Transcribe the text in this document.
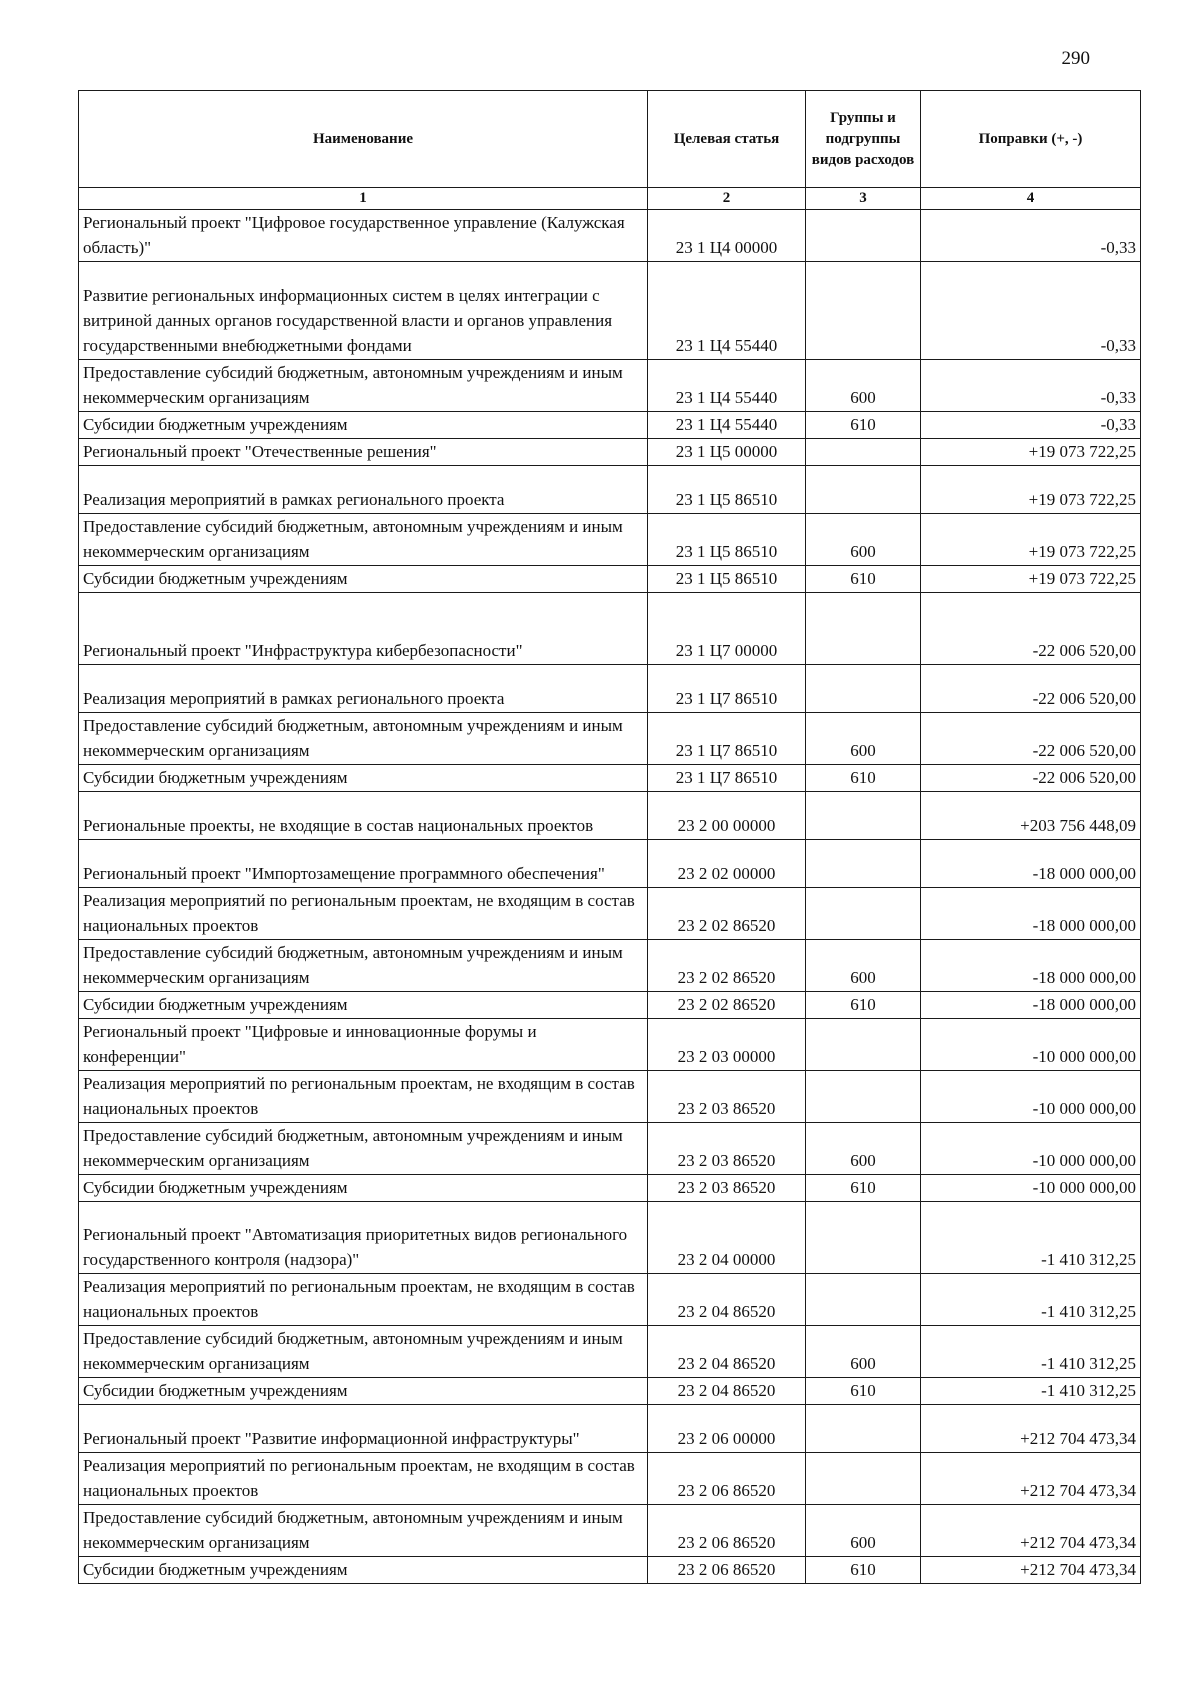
290
Наименование	Целевая статья	Группы и подгруппы видов расходов	Поправки (+, -)
1	2	3	4
Региональный проект "Цифровое государственное управление (Калужская область)"	23 1 Ц4 00000		-0,33
Развитие региональных информационных систем в целях интеграции с витриной данных органов государственной власти и органов управления государственными внебюджетными фондами	23 1 Ц4 55440		-0,33
Предоставление субсидий бюджетным, автономным учреждениям и иным некоммерческим организациям	23 1 Ц4 55440	600	-0,33
Субсидии бюджетным учреждениям	23 1 Ц4 55440	610	-0,33
Региональный проект "Отечественные решения"	23 1 Ц5 00000		+19 073 722,25
Реализация мероприятий в рамках регионального проекта	23 1 Ц5 86510		+19 073 722,25
Предоставление субсидий бюджетным, автономным учреждениям и иным некоммерческим организациям	23 1 Ц5 86510	600	+19 073 722,25
Субсидии бюджетным учреждениям	23 1 Ц5 86510	610	+19 073 722,25
Региональный проект "Инфраструктура кибербезопасности"	23 1 Ц7 00000		-22 006 520,00
Реализация мероприятий в рамках регионального проекта	23 1 Ц7 86510		-22 006 520,00
Предоставление субсидий бюджетным, автономным учреждениям и иным некоммерческим организациям	23 1 Ц7 86510	600	-22 006 520,00
Субсидии бюджетным учреждениям	23 1 Ц7 86510	610	-22 006 520,00
Региональные проекты, не входящие в состав национальных проектов	23 2 00 00000		+203 756 448,09
Региональный проект "Импортозамещение программного обеспечения"	23 2 02 00000		-18 000 000,00
Реализация мероприятий по региональным проектам, не входящим в состав национальных проектов	23 2 02 86520		-18 000 000,00
Предоставление субсидий бюджетным, автономным учреждениям и иным некоммерческим организациям	23 2 02 86520	600	-18 000 000,00
Субсидии бюджетным учреждениям	23 2 02 86520	610	-18 000 000,00
Региональный проект "Цифровые и инновационные форумы и конференции"	23 2 03 00000		-10 000 000,00
Реализация мероприятий по региональным проектам, не входящим в состав национальных проектов	23 2 03 86520		-10 000 000,00
Предоставление субсидий бюджетным, автономным учреждениям и иным некоммерческим организациям	23 2 03 86520	600	-10 000 000,00
Субсидии бюджетным учреждениям	23 2 03 86520	610	-10 000 000,00
Региональный проект "Автоматизация приоритетных видов регионального государственного контроля (надзора)"	23 2 04 00000		-1 410 312,25
Реализация мероприятий по региональным проектам, не входящим в состав национальных проектов	23 2 04 86520		-1 410 312,25
Предоставление субсидий бюджетным, автономным учреждениям и иным некоммерческим организациям	23 2 04 86520	600	-1 410 312,25
Субсидии бюджетным учреждениям	23 2 04 86520	610	-1 410 312,25
Региональный проект "Развитие информационной инфраструктуры"	23 2 06 00000		+212 704 473,34
Реализация мероприятий по региональным проектам, не входящим в состав национальных проектов	23 2 06 86520		+212 704 473,34
Предоставление субсидий бюджетным, автономным учреждениям и иным некоммерческим организациям	23 2 06 86520	600	+212 704 473,34
Субсидии бюджетным учреждениям	23 2 06 86520	610	+212 704 473,34
